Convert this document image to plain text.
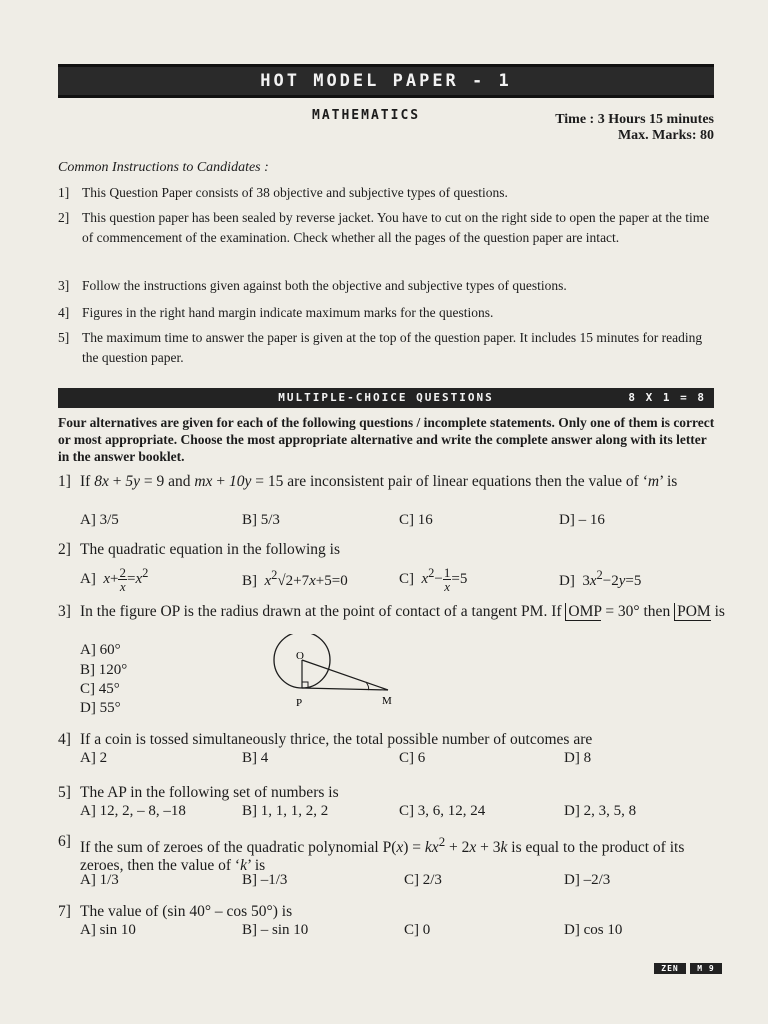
HOT MODEL PAPER - 1
MATHEMATICS	Time : 3 Hours 15 minutes
Max. Marks: 80
Common Instructions to Candidates :
1] This Question Paper consists of 38 objective and subjective types of questions.
2] This question paper has been sealed by reverse jacket. You have to cut on the right side to open the paper at the time of commencement of the examination. Check whether all the pages of the question paper are intact.
3] Follow the instructions given against both the objective and subjective types of questions.
4] Figures in the right hand margin indicate maximum marks for the questions.
5] The maximum time to answer the paper is given at the top of the question paper. It includes 15 minutes for reading the question paper.
MULTIPLE-CHOICE QUESTIONS	8 X 1 = 8
Four alternatives are given for each of the following questions / incomplete statements. Only one of them is correct or most appropriate. Choose the most appropriate alternative and write the complete answer along with its letter in the answer booklet.
1] If 8x + 5y = 9 and mx + 10y = 15 are inconsistent pair of linear equations then the value of ‘m’ is
A] 3/5	B] 5/3	C] 16	D] – 16
2] The quadratic equation in the following is
A]  $x+ \frac{2}{x} =x^2$	B]  $x^2√2+7x+5=0$	C]  $x^2- \frac{1}{x} =5$	D]  $3x^2-2y=5$
3] In the figure OP is the radius drawn at the point of contact of a tangent PM. If OMP = 30° then POM is
A] 60°
B] 120°
C] 45°
D] 55°
O
P	M
4] If a coin is tossed simultaneously thrice, the total possible number of outcomes are
A] 2	B] 4	C] 6	D] 8
5] The AP in the following set of numbers is
A] 12, 2, – 8, –18	B] 1, 1, 1, 2, 2	C] 3, 6, 12, 24	D] 2, 3, 5, 8
6] If the sum of zeroes of the quadratic polynomial $P(x) = kx^2 + 2x + 3k$ is equal to the product of its zeroes, then the value of ‘k’ is
A] 1/3	B] –1/3	C] 2/3	D] –2/3
7] The value of (sin 40° – cos 50°) is
A] sin 10	B] – sin 10	C] 0	D] cos 10
ZEN	M 9
